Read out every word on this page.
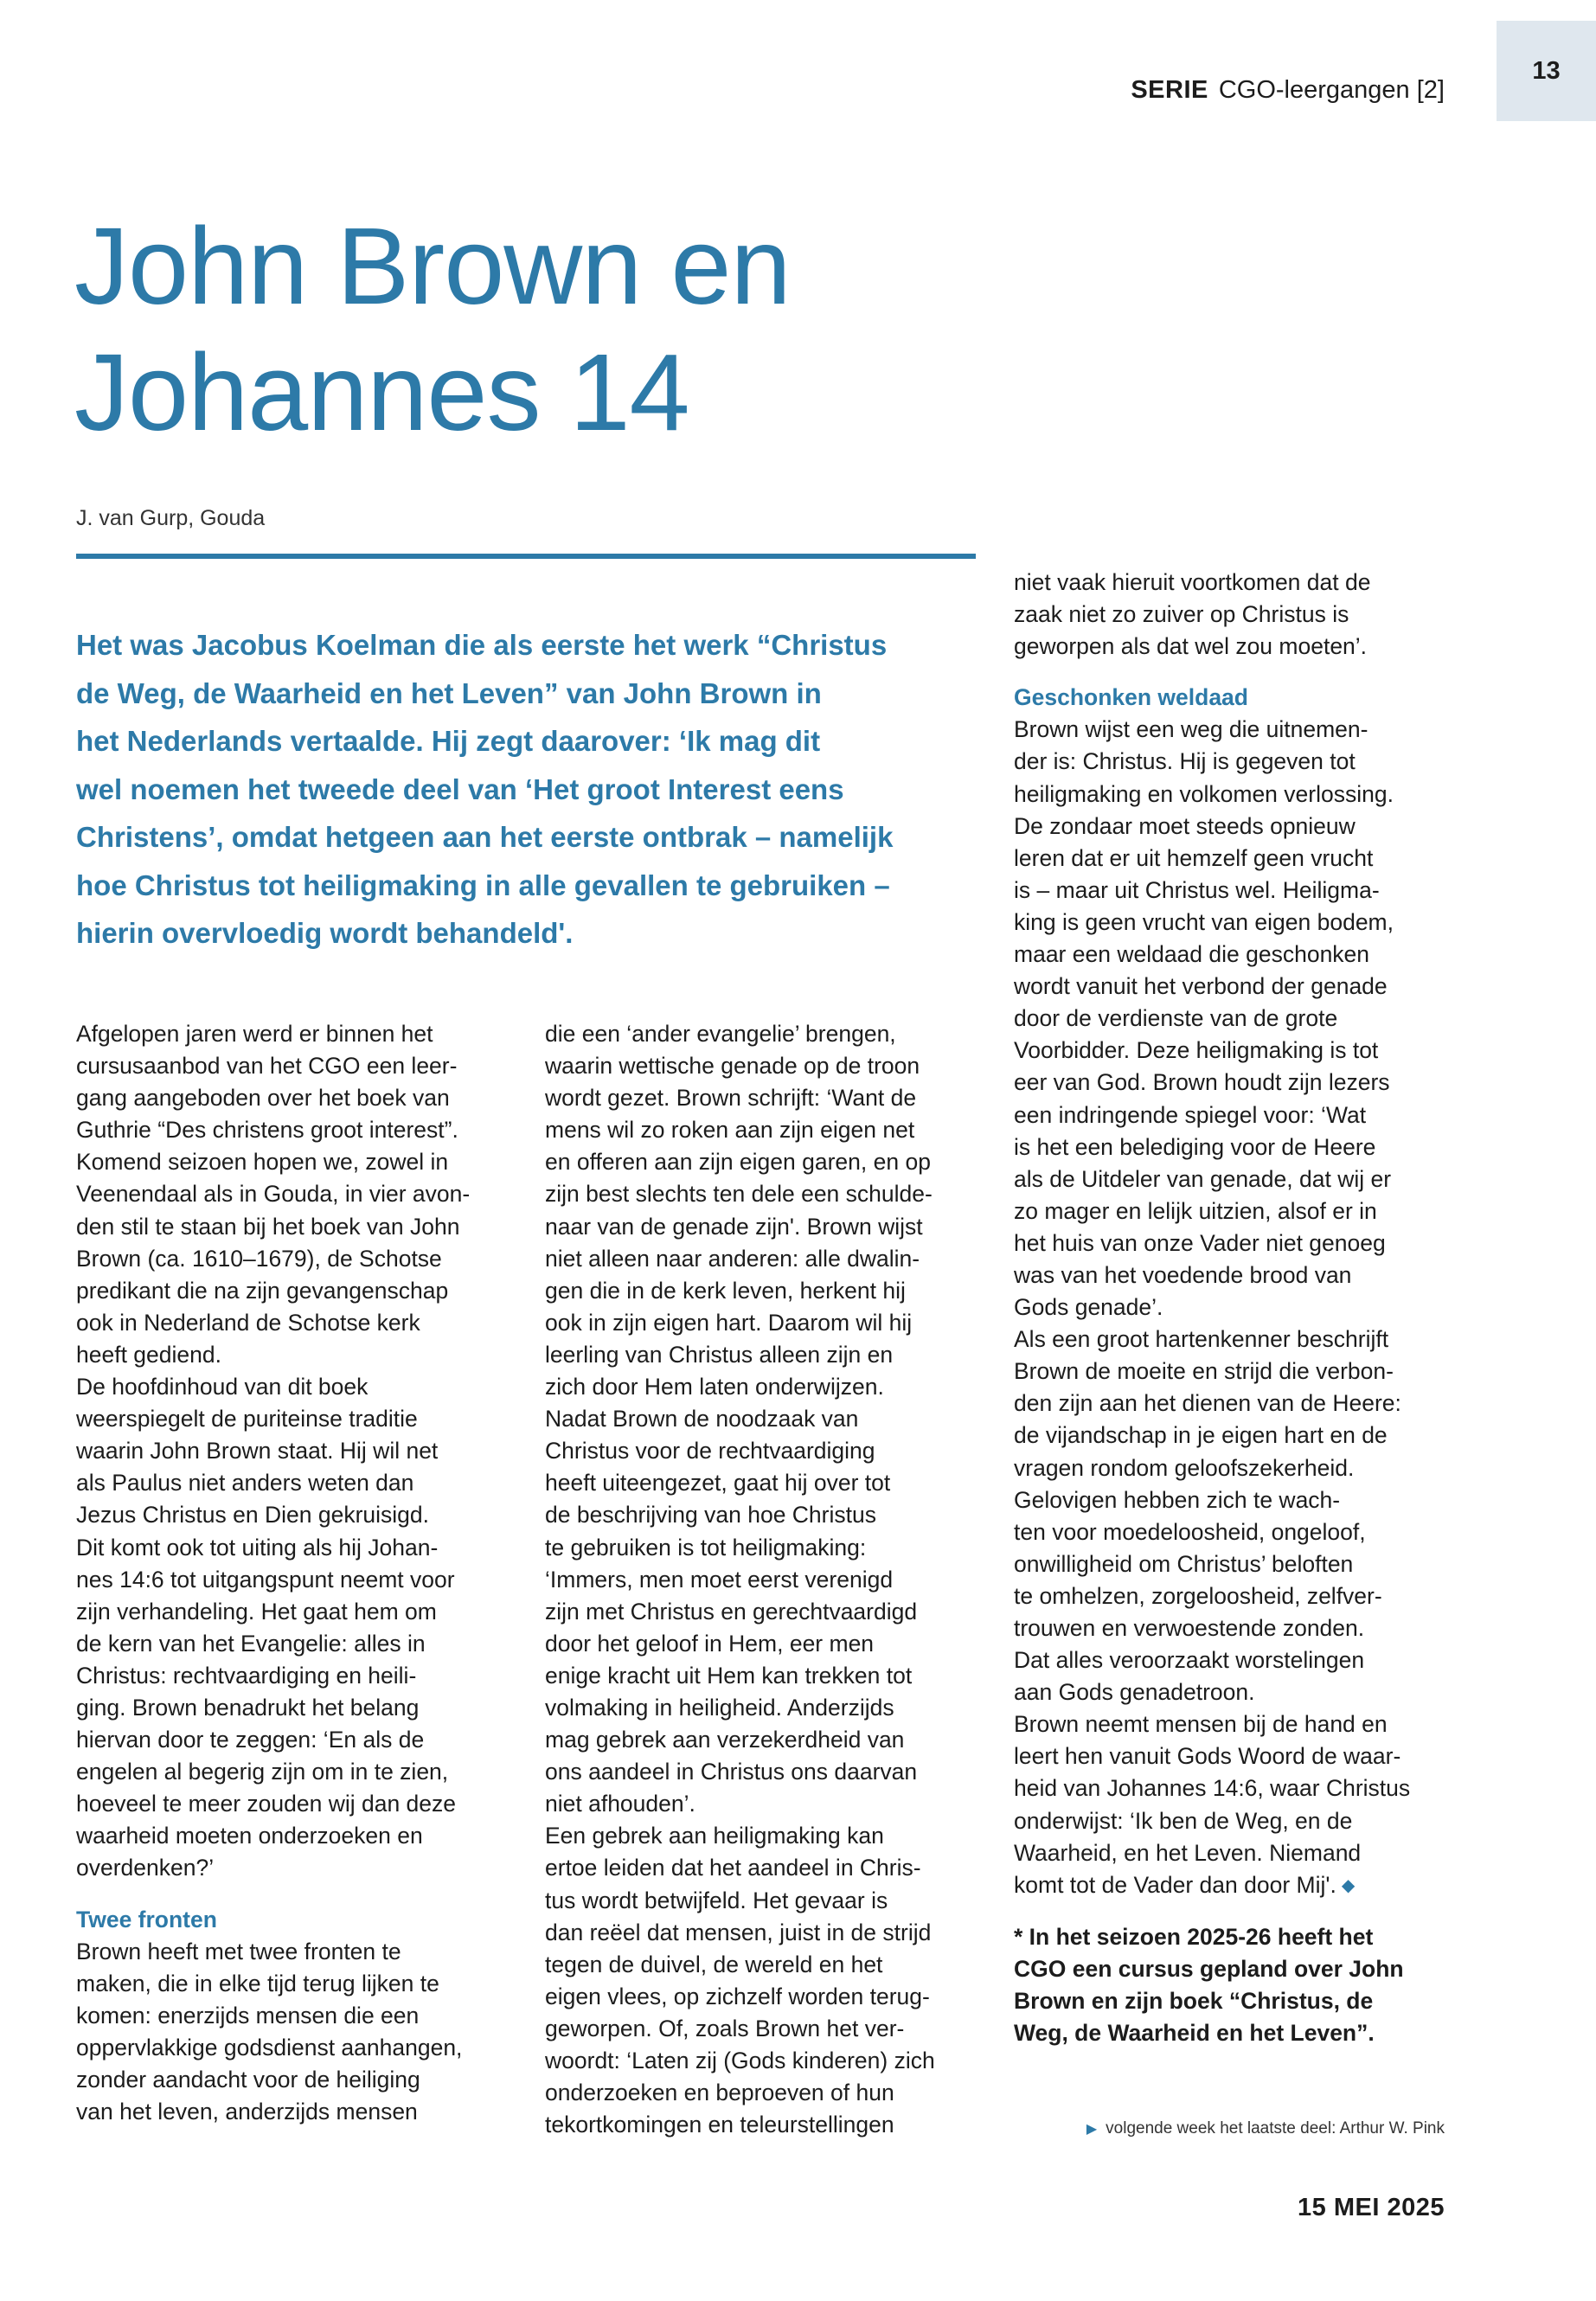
13
SERIE CGO-leergangen [2]
John Brown en
Johannes 14
J. van Gurp, Gouda

Het was Jacobus Koelman die als eerste het werk “Christus
de Weg, de Waarheid en het Leven” van John Brown in
het Nederlands vertaalde. Hij zegt daarover: ‘Ik mag dit
wel noemen het tweede deel van ‘Het groot Interest eens
Christens’, omdat hetgeen aan het eerste ontbrak – namelijk
hoe Christus tot heiligmaking in alle gevallen te gebruiken –
hierin overvloedig wordt behandeld'.

Afgelopen jaren werd er binnen het
cursusaanbod van het CGO een leer-
gang aangeboden over het boek van
Guthrie “Des christens groot interest”.
Komend seizoen hopen we, zowel in
Veenendaal als in Gouda, in vier avon-
den stil te staan bij het boek van John
Brown (ca. 1610–1679), de Schotse
predikant die na zijn gevangenschap
ook in Nederland de Schotse kerk
heeft gediend.
De hoofdinhoud van dit boek
weerspiegelt de puriteinse traditie
waarin John Brown staat. Hij wil net
als Paulus niet anders weten dan
Jezus Christus en Dien gekruisigd.
Dit komt ook tot uiting als hij Johan-
nes 14:6 tot uitgangspunt neemt voor
zijn verhandeling. Het gaat hem om
de kern van het Evangelie: alles in
Christus: rechtvaardiging en heili-
ging. Brown benadrukt het belang
hiervan door te zeggen: ‘En als de
engelen al begerig zijn om in te zien,
hoeveel te meer zouden wij dan deze
waarheid moeten onderzoeken en
overdenken?’
Twee fronten
Brown heeft met twee fronten te
maken, die in elke tijd terug lijken te
komen: enerzijds mensen die een
oppervlakkige godsdienst aanhangen,
zonder aandacht voor de heiliging
van het leven, anderzijds mensen
die een ‘ander evangelie’ brengen,
waarin wettische genade op de troon
wordt gezet. Brown schrijft: ‘Want de
mens wil zo roken aan zijn eigen net
en offeren aan zijn eigen garen, en op
zijn best slechts ten dele een schulde-
naar van de genade zijn'. Brown wijst
niet alleen naar anderen: alle dwalin-
gen die in de kerk leven, herkent hij
ook in zijn eigen hart. Daarom wil hij
leerling van Christus alleen zijn en
zich door Hem laten onderwijzen.
Nadat Brown de noodzaak van
Christus voor de rechtvaardiging
heeft uiteengezet, gaat hij over tot
de beschrijving van hoe Christus
te gebruiken is tot heiligmaking:
‘Immers, men moet eerst verenigd
zijn met Christus en gerechtvaardigd
door het geloof in Hem, eer men
enige kracht uit Hem kan trekken tot
volmaking in heiligheid. Anderzijds
mag gebrek aan verzekerdheid van
ons aandeel in Christus ons daarvan
niet afhouden’.
Een gebrek aan heiligmaking kan
ertoe leiden dat het aandeel in Chris-
tus wordt betwijfeld. Het gevaar is
dan reëel dat mensen, juist in de strijd
tegen de duivel, de wereld en het
eigen vlees, op zichzelf worden terug-
geworpen. Of, zoals Brown het ver-
woordt: ‘Laten zij (Gods kinderen) zich
onderzoeken en beproeven of hun
tekortkomingen en teleurstellingen
niet vaak hieruit voortkomen dat de
zaak niet zo zuiver op Christus is
geworpen als dat wel zou moeten’.
Geschonken weldaad
Brown wijst een weg die uitnemen-
der is: Christus. Hij is gegeven tot
heiligmaking en volkomen verlossing.
De zondaar moet steeds opnieuw
leren dat er uit hemzelf geen vrucht
is – maar uit Christus wel. Heiligma-
king is geen vrucht van eigen bodem,
maar een weldaad die geschonken
wordt vanuit het verbond der genade
door de verdienste van de grote
Voorbidder. Deze heiligmaking is tot
eer van God. Brown houdt zijn lezers
een indringende spiegel voor: ‘Wat
is het een belediging voor de Heere
als de Uitdeler van genade, dat wij er
zo mager en lelijk uitzien, alsof er in
het huis van onze Vader niet genoeg
was van het voedende brood van
Gods genade’.
Als een groot hartenkenner beschrijft
Brown de moeite en strijd die verbon-
den zijn aan het dienen van de Heere:
de vijandschap in je eigen hart en de
vragen rondom geloofszekerheid.
Gelovigen hebben zich te wach-
ten voor moedeloosheid, ongeloof,
onwilligheid om Christus’ beloften
te omhelzen, zorgeloosheid, zelfver-
trouwen en verwoestende zonden.
Dat alles veroorzaakt worstelingen
aan Gods genadetroon.
Brown neemt mensen bij de hand en
leert hen vanuit Gods Woord de waar-
heid van Johannes 14:6, waar Christus
onderwijst: ‘Ik ben de Weg, en de
Waarheid, en het Leven. Niemand
komt tot de Vader dan door Mij'. ◆
* In het seizoen 2025-26 heeft het
CGO een cursus gepland over John
Brown en zijn boek “Christus, de
Weg, de Waarheid en het Leven”.
▶ volgende week het laatste deel: Arthur W. Pink
15 MEI 2025
